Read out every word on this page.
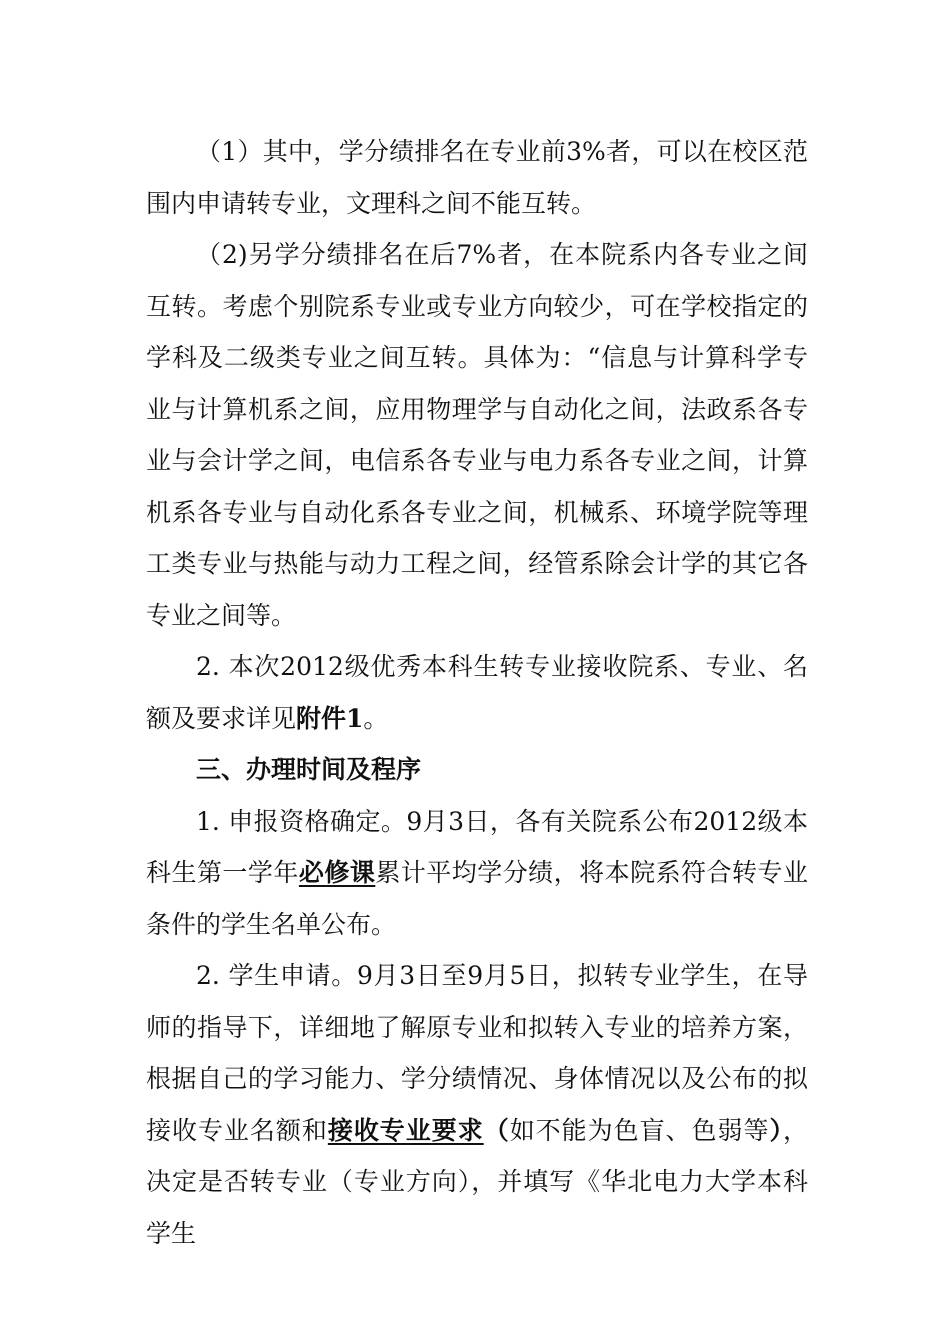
（1）其中，学分绩排名在专业前3%者，可以在校区范围内申请转专业，文理科之间不能互转。

（2)另学分绩排名在后7%者，在本院系内各专业之间互转。考虑个别院系专业或专业方向较少，可在学校指定的学科及二级类专业之间互转。具体为：“信息与计算科学专业与计算机系之间，应用物理学与自动化之间，法政系各专业与会计学之间，电信系各专业与电力系各专业之间，计算机系各专业与自动化系各专业之间，机械系、环境学院等理工类专业与热能与动力工程之间，经管系除会计学的其它各专业之间等。

2. 本次2012级优秀本科生转专业接收院系、专业、名额及要求详见附件1。

三、办理时间及程序

1. 申报资格确定。9月3日，各有关院系公布2012级本科生第一学年必修课累计平均学分绩，将本院系符合转专业条件的学生名单公布。

2. 学生申请。9月3日至9月5日，拟转专业学生，在导师的指导下，详细地了解原专业和拟转入专业的培养方案，根据自己的学习能力、学分绩情况、身体情况以及公布的拟接收专业名额和接收专业要求（如不能为色盲、色弱等），决定是否转专业（专业方向），并填写《华北电力大学本科学生
